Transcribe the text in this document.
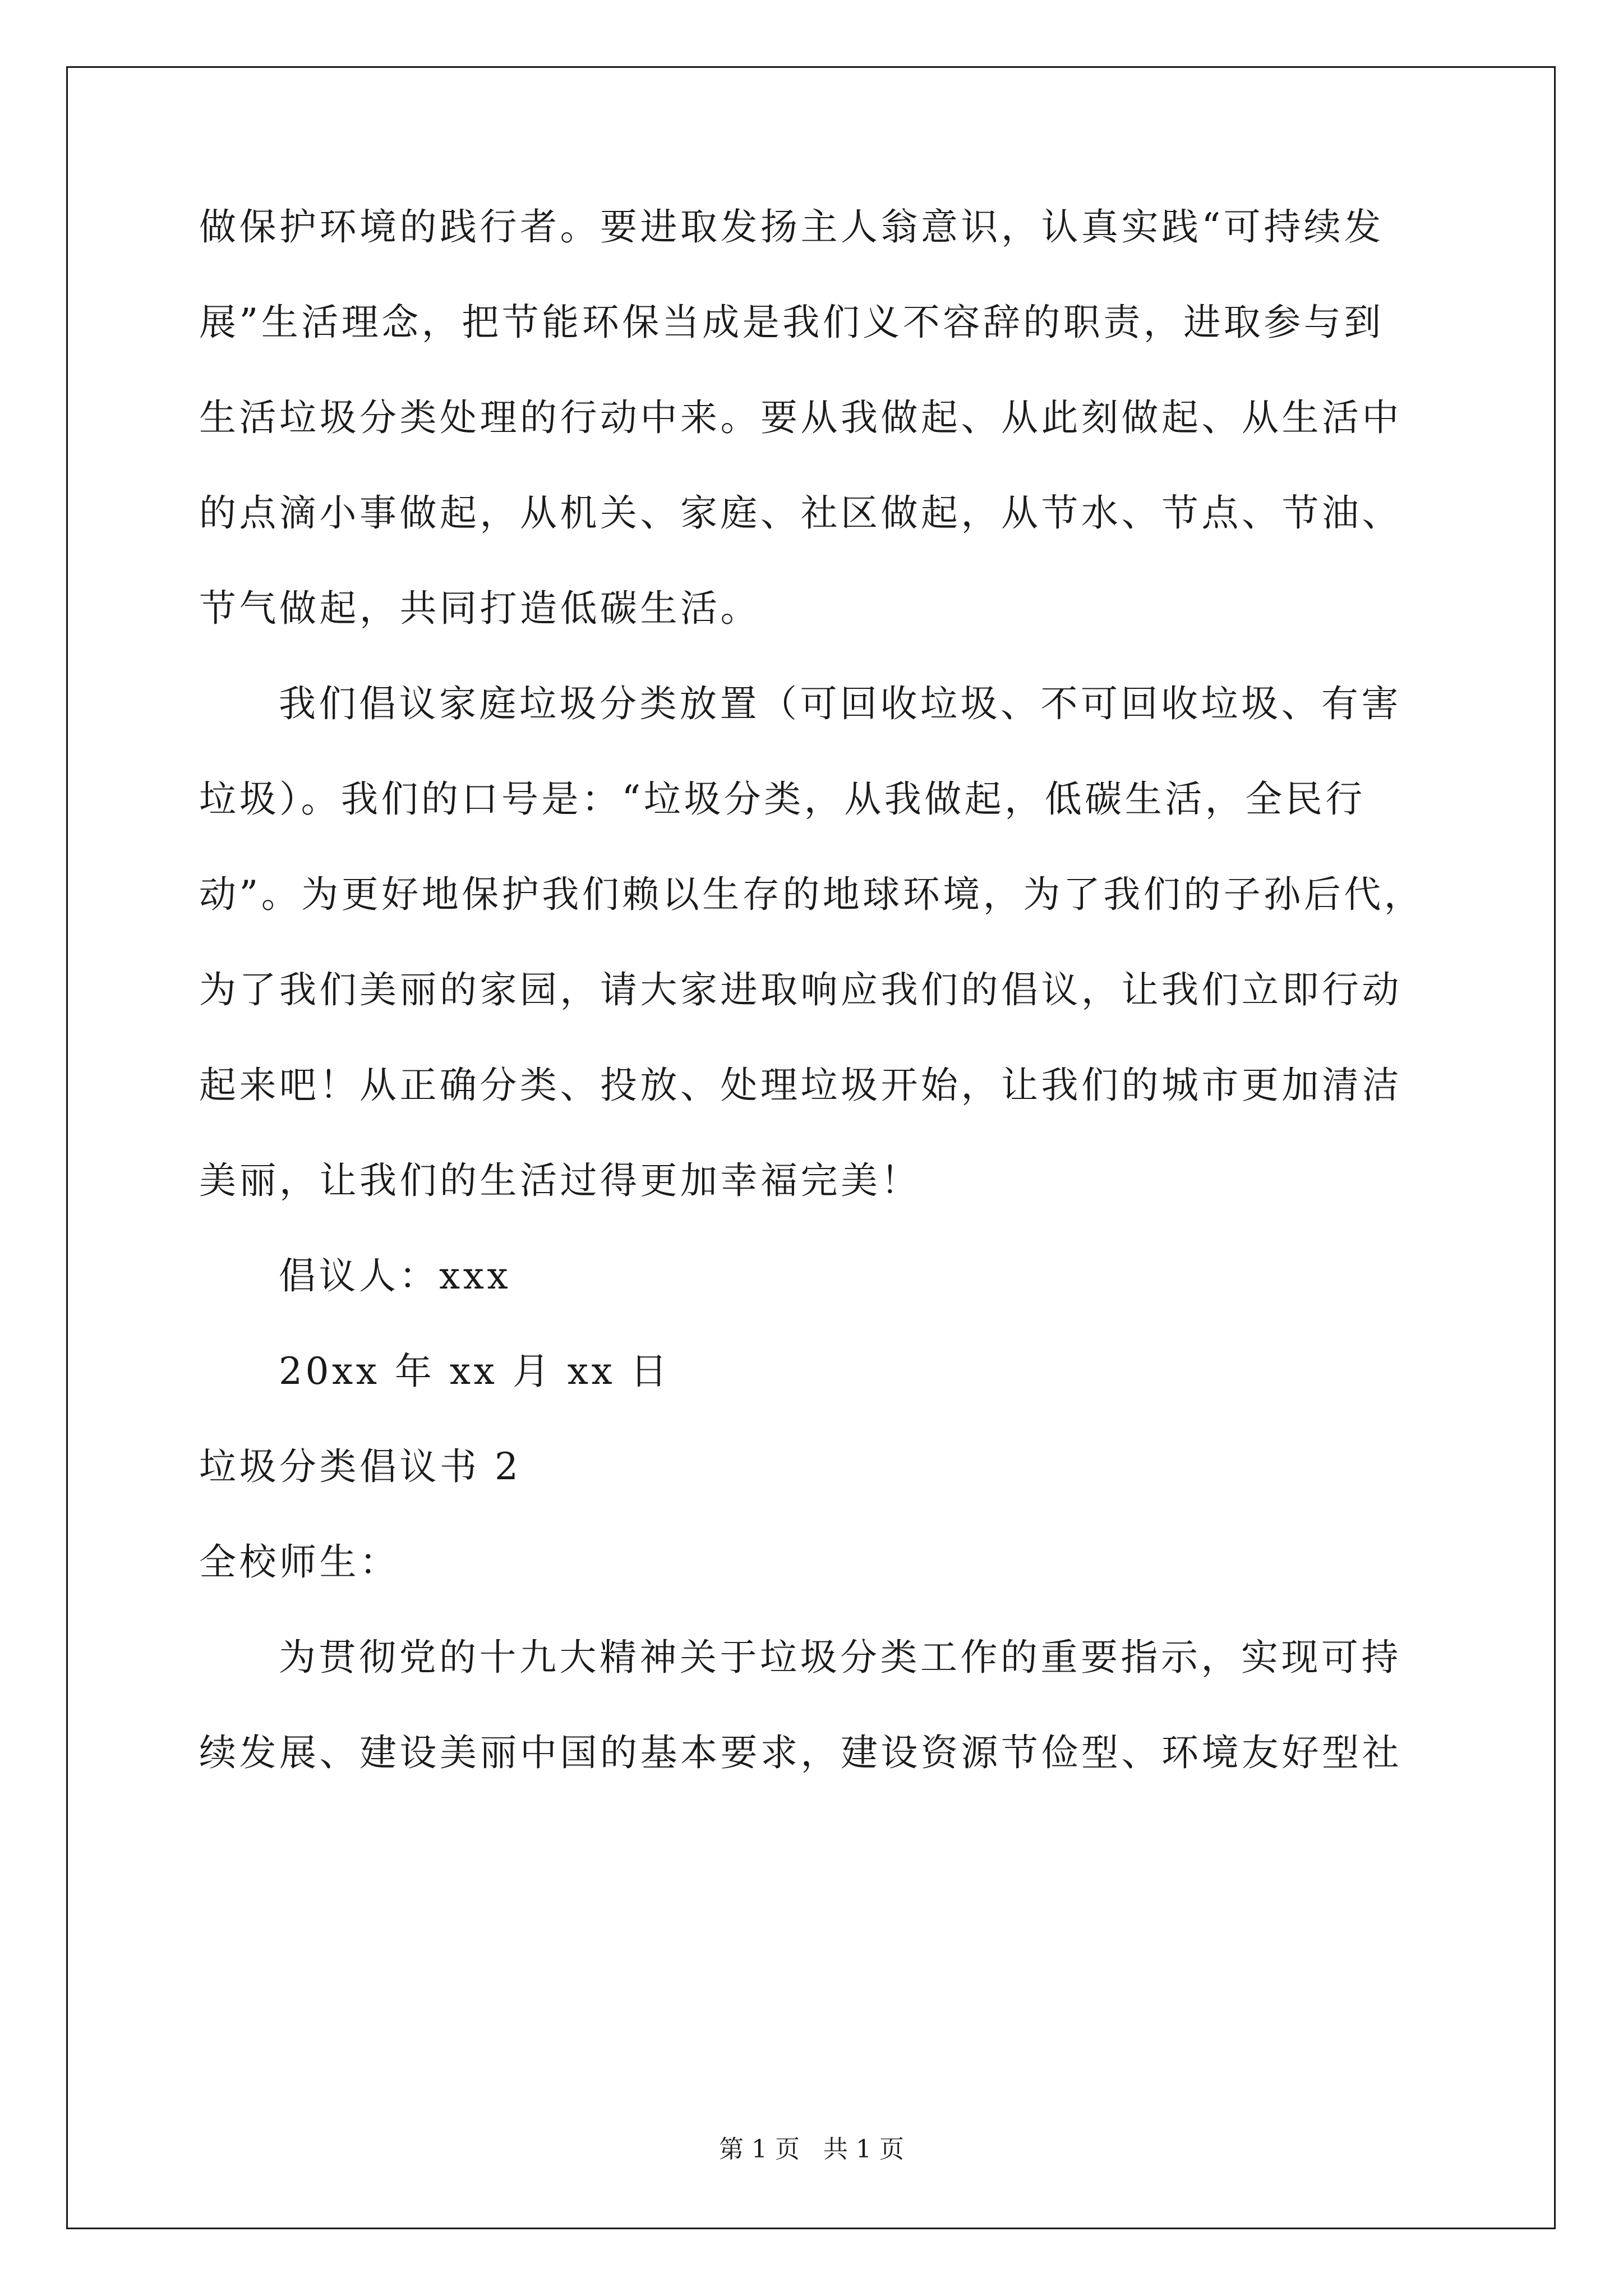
做保护环境的践行者。要进取发扬主人翁意识，认真实践“可持续发
展”生活理念，把节能环保当成是我们义不容辞的职责，进取参与到
生活垃圾分类处理的行动中来。要从我做起、从此刻做起、从生活中
的点滴小事做起，从机关、家庭、社区做起，从节水、节点、节油、
节气做起，共同打造低碳生活。
我们倡议家庭垃圾分类放置（可回收垃圾、不可回收垃圾、有害
垃圾）。我们的口号是：“垃圾分类，从我做起，低碳生活，全民行
动”。为更好地保护我们赖以生存的地球环境，为了我们的子孙后代，
为了我们美丽的家园，请大家进取响应我们的倡议，让我们立即行动
起来吧！从正确分类、投放、处理垃圾开始，让我们的城市更加清洁
美丽，让我们的生活过得更加幸福完美！
倡议人：xxx
20xx 年 xx 月 xx 日
垃圾分类倡议书 2
全校师生：
为贯彻党的十九大精神关于垃圾分类工作的重要指示，实现可持
续发展、建设美丽中国的基本要求，建设资源节俭型、环境友好型社
第 1 页   共 1 页
